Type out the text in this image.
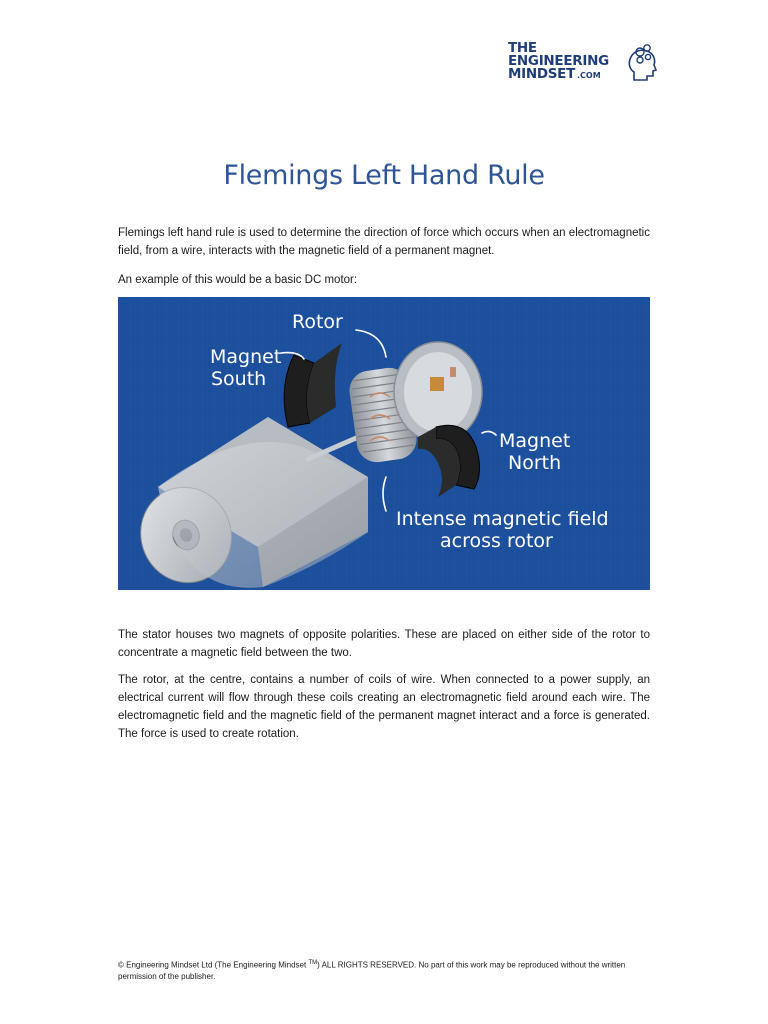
THE
ENGINEERING
MINDSET .COM
Flemings Left Hand Rule

Flemings left hand rule is used to determine the direction of force which occurs when an electromagnetic field, from a wire, interacts with the magnetic field of a permanent magnet.

An example of this would be a basic DC motor:

Rotor
Magnet
South
Magnet
North
Intense magnetic field
across rotor

The stator houses two magnets of opposite polarities. These are placed on either side of the rotor to concentrate a magnetic field between the two.

The rotor, at the centre, contains a number of coils of wire. When connected to a power supply, an electrical current will flow through these coils creating an electromagnetic field around each wire. The electromagnetic field and the magnetic field of the permanent magnet interact and a force is generated. The force is used to create rotation.

© Engineering Mindset Ltd (The Engineering Mindset ™) ALL RIGHTS RESERVED. No part of this work may be reproduced without the written permission of the publisher.
